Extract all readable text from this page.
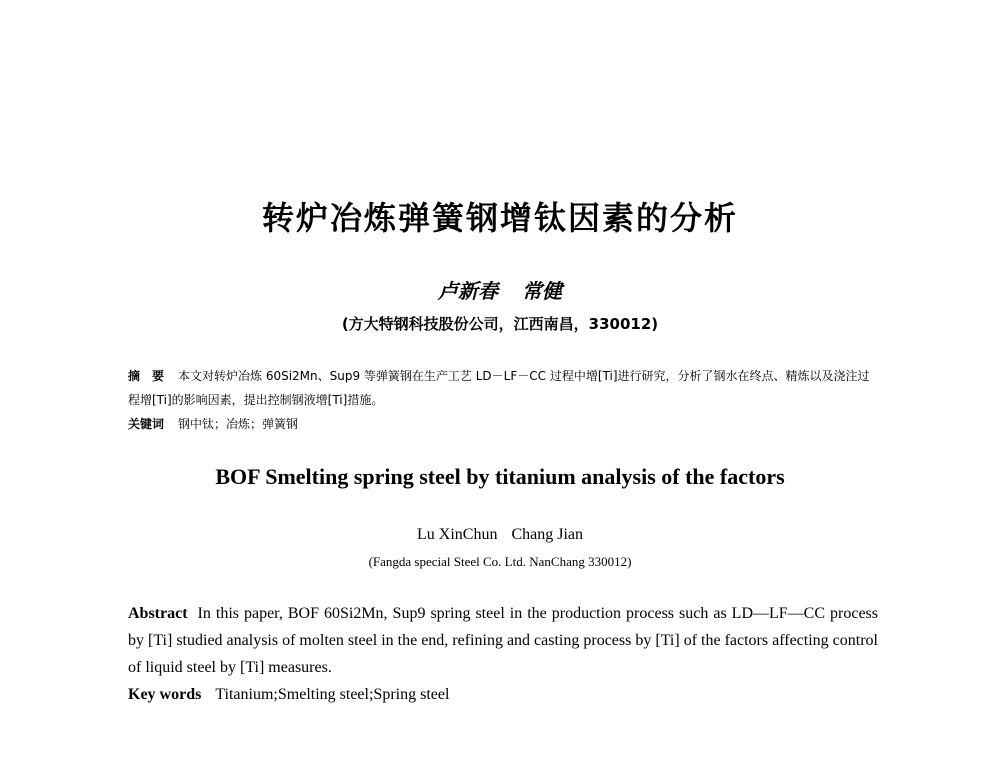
转炉冶炼弹簧钢增钛因素的分析
卢新春 常健
(方大特钢科技股份公司，江西南昌，330012)
摘　要 本文对转炉冶炼 60Si2Mn、Sup9 等弹簧钢在生产工艺 LD－LF－CC 过程中增[Ti]进行研究，分析了钢水在终点、精炼以及浇注过程增[Ti]的影响因素，提出控制钢液增[Ti]措施。
关键词 钢中钛；冶炼；弹簧钢
BOF Smelting spring steel by titanium analysis of the factors
Lu XinChun Chang Jian
(Fangda special Steel Co. Ltd. NanChang 330012)
Abstract In this paper, BOF 60Si2Mn, Sup9 spring steel in the production process such as LD—LF—CC process by [Ti] studied analysis of molten steel in the end, refining and casting process by [Ti] of the factors affecting control of liquid steel by [Ti] measures.
Key words Titanium;Smelting steel;Spring steel
